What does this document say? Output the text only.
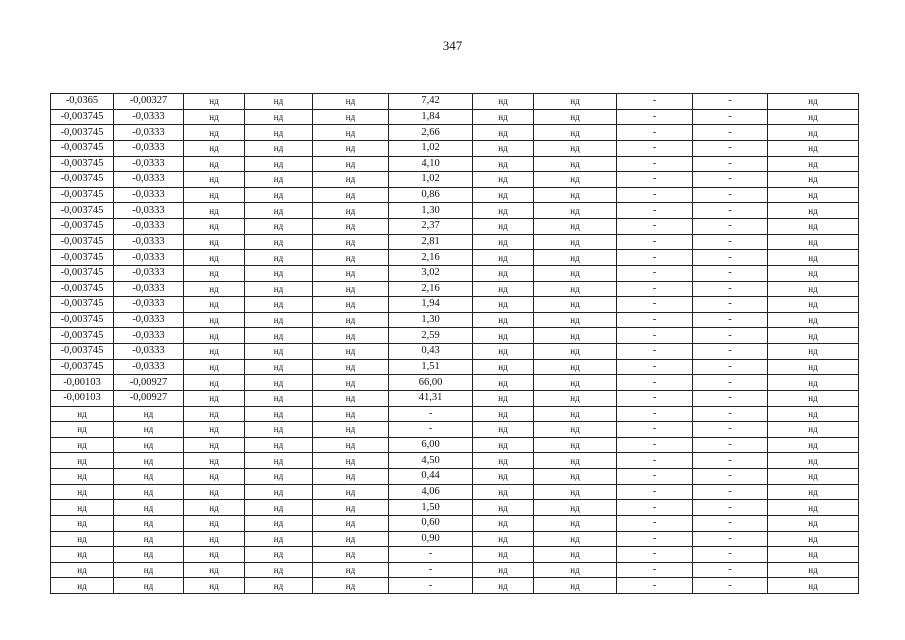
347
-0,0365	-0,00327	нд	нд	нд	7,42	нд	нд	-	-	нд
-0,003745	-0,0333	нд	нд	нд	1,84	нд	нд	-	-	нд
-0,003745	-0,0333	нд	нд	нд	2,66	нд	нд	-	-	нд
-0,003745	-0,0333	нд	нд	нд	1,02	нд	нд	-	-	нд
-0,003745	-0,0333	нд	нд	нд	4,10	нд	нд	-	-	нд
-0,003745	-0,0333	нд	нд	нд	1,02	нд	нд	-	-	нд
-0,003745	-0,0333	нд	нд	нд	0,86	нд	нд	-	-	нд
-0,003745	-0,0333	нд	нд	нд	1,30	нд	нд	-	-	нд
-0,003745	-0,0333	нд	нд	нд	2,37	нд	нд	-	-	нд
-0,003745	-0,0333	нд	нд	нд	2,81	нд	нд	-	-	нд
-0,003745	-0,0333	нд	нд	нд	2,16	нд	нд	-	-	нд
-0,003745	-0,0333	нд	нд	нд	3,02	нд	нд	-	-	нд
-0,003745	-0,0333	нд	нд	нд	2,16	нд	нд	-	-	нд
-0,003745	-0,0333	нд	нд	нд	1,94	нд	нд	-	-	нд
-0,003745	-0,0333	нд	нд	нд	1,30	нд	нд	-	-	нд
-0,003745	-0,0333	нд	нд	нд	2,59	нд	нд	-	-	нд
-0,003745	-0,0333	нд	нд	нд	0,43	нд	нд	-	-	нд
-0,003745	-0,0333	нд	нд	нд	1,51	нд	нд	-	-	нд
-0,00103	-0,00927	нд	нд	нд	66,00	нд	нд	-	-	нд
-0,00103	-0,00927	нд	нд	нд	41,31	нд	нд	-	-	нд
нд	нд	нд	нд	нд	-	нд	нд	-	-	нд
нд	нд	нд	нд	нд	-	нд	нд	-	-	нд
нд	нд	нд	нд	нд	6,00	нд	нд	-	-	нд
нд	нд	нд	нд	нд	4,50	нд	нд	-	-	нд
нд	нд	нд	нд	нд	0,44	нд	нд	-	-	нд
нд	нд	нд	нд	нд	4,06	нд	нд	-	-	нд
нд	нд	нд	нд	нд	1,50	нд	нд	-	-	нд
нд	нд	нд	нд	нд	0,60	нд	нд	-	-	нд
нд	нд	нд	нд	нд	0,90	нд	нд	-	-	нд
нд	нд	нд	нд	нд	-	нд	нд	-	-	нд
нд	нд	нд	нд	нд	-	нд	нд	-	-	нд
нд	нд	нд	нд	нд	-	нд	нд	-	-	нд
